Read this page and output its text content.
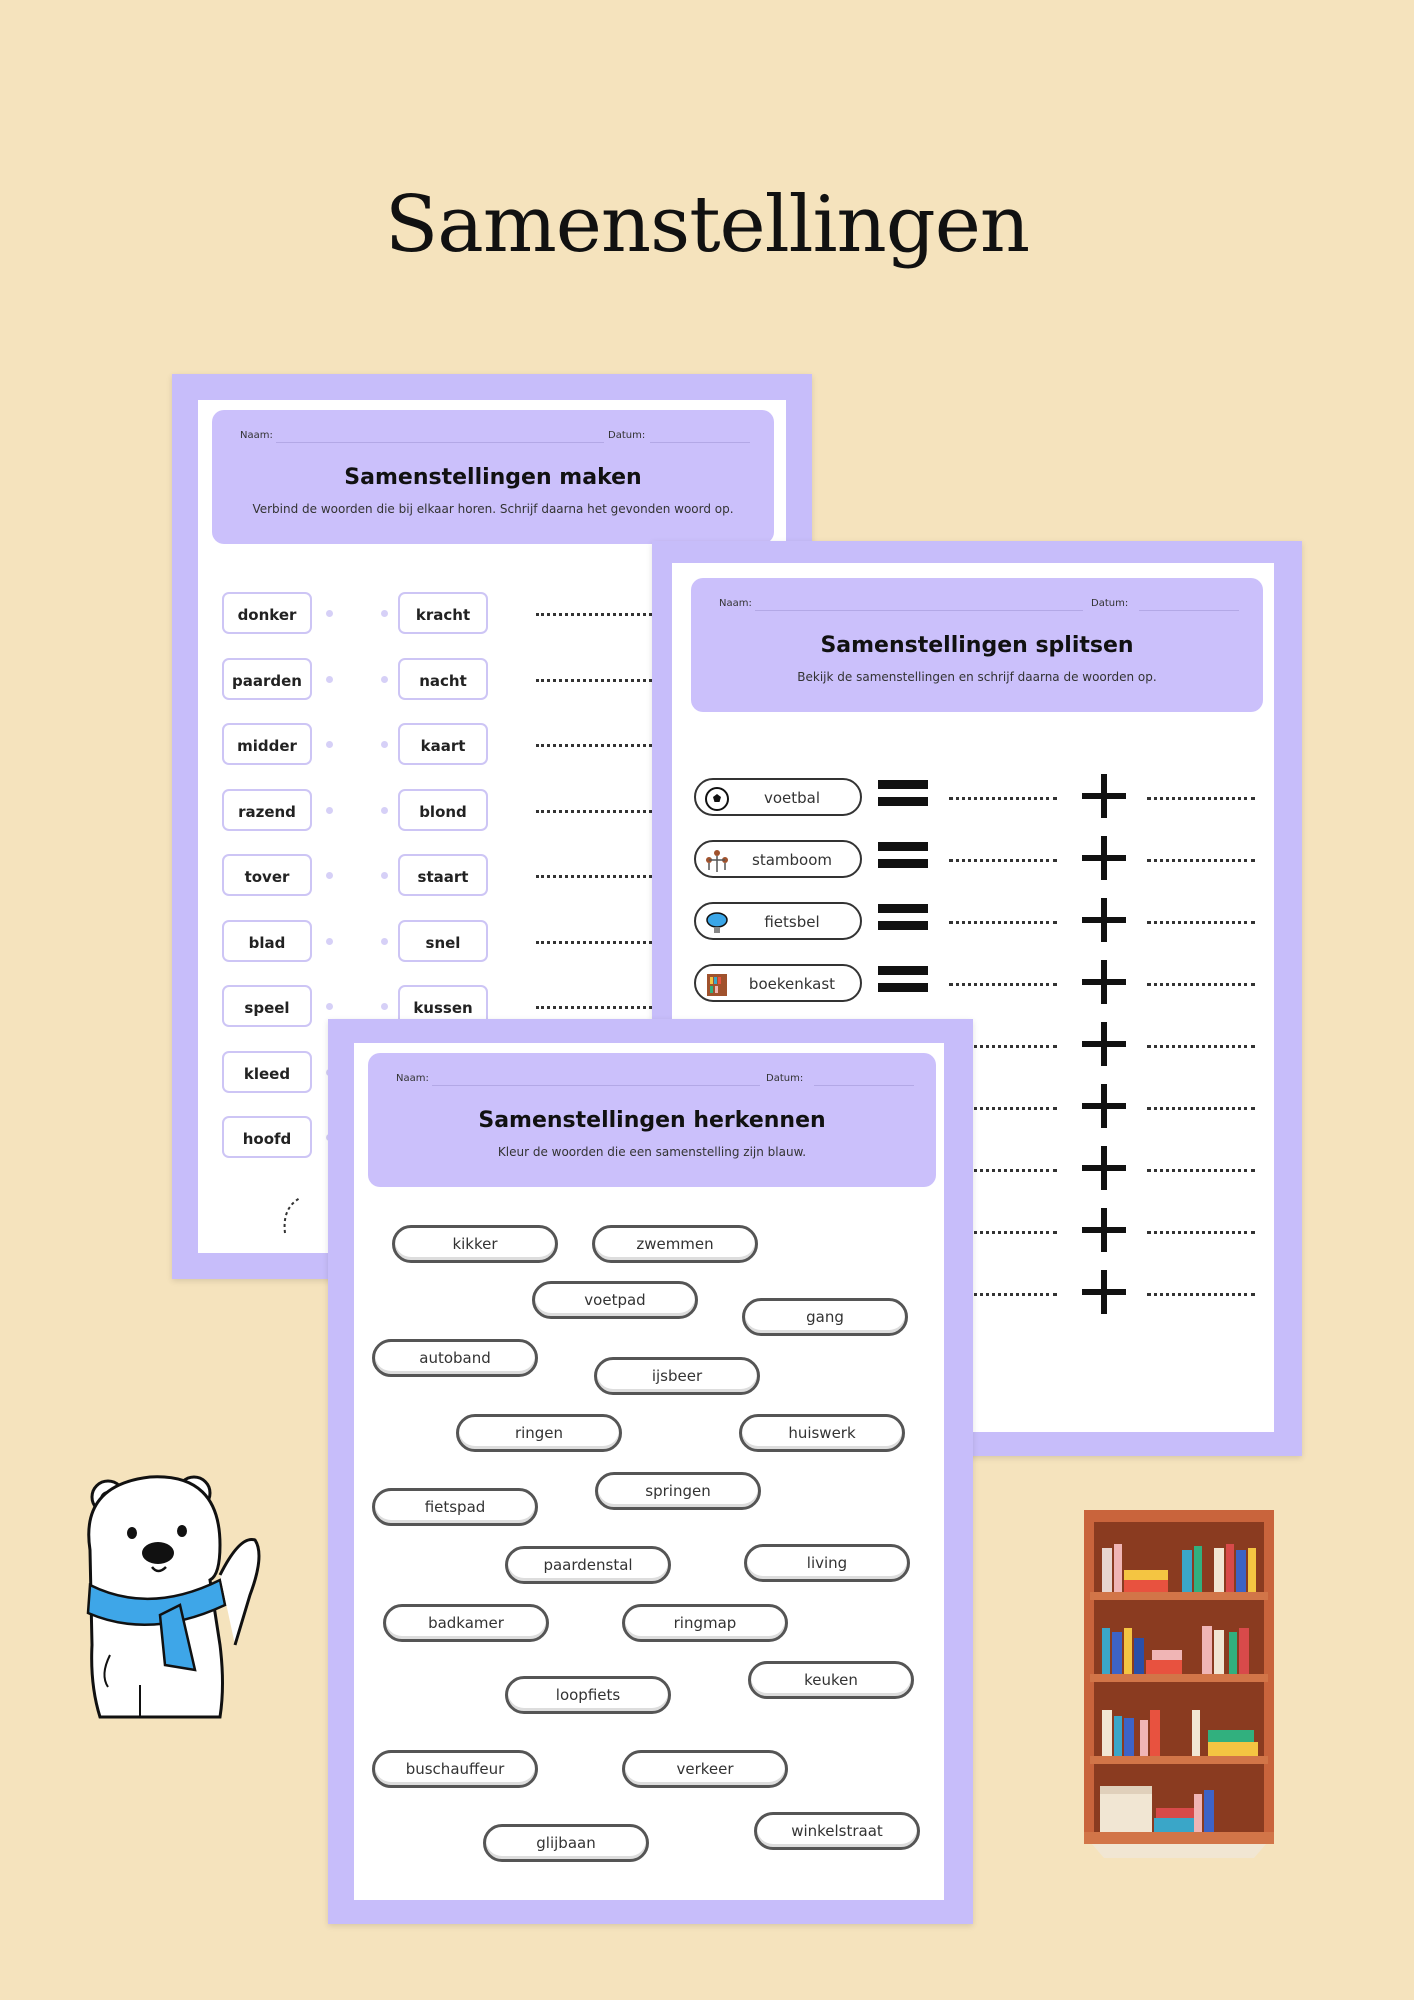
Samenstellingen
Naam:	Datum:
Samenstellingen maken
Verbind de woorden die bij elkaar horen. Schrijf daarna het gevonden woord op.
donker	kracht
paarden	nacht
midder	kaart
razend	blond
tover	staart
blad	snel
speel	kussen
kleed
hoofd
Naam:	Datum:
Samenstellingen splitsen
Bekijk de samenstellingen en schrijf daarna de woorden op.
voetbal
stamboom
fietsbel
boekenkast
Naam:	Datum:
Samenstellingen herkennen
Kleur de woorden die een samenstelling zijn blauw.
kikker	zwemmen
voetpad
gang
autoband
ijsbeer
ringen	huiswerk
fietspad
springen
paardenstal	living
badkamer	ringmap
loopfiets
keuken
buschauffeur	verkeer
glijbaan
winkelstraat
